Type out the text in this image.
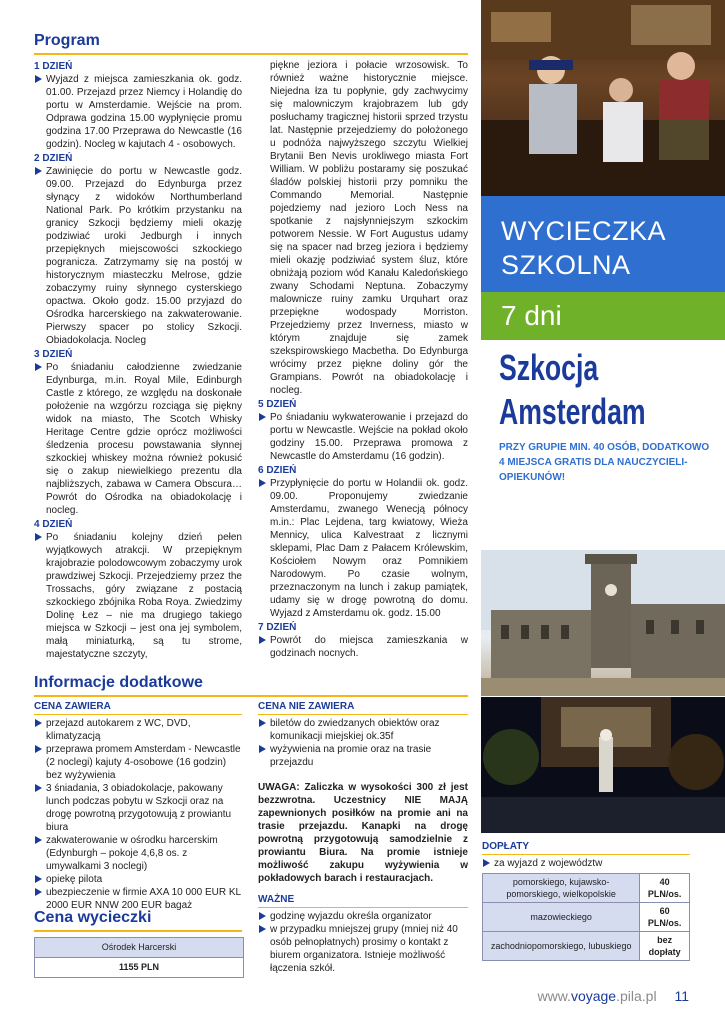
Program
1 DZIEŃ
Wyjazd z miejsca zamieszkania ok. godz. 01.00. Przejazd przez Niemcy i Holandię do portu w Amsterdamie. Wejście na prom. Odprawa godzina 15.00 wypłynięcie promu godzina 17.00 Przeprawa do Newcastle (16 godzin). Nocleg w kajutach 4 - osobowych.
2 DZIEŃ
Zawinięcie do portu w Newcastle godz. 09.00. Przejazd do Edynburga przez słynący z widoków Northumberland National Park. Po krótkim przystanku na granicy Szkocji będziemy mieli okazję podziwiać uroki Jedburgh i innych przepięknych miejscowości szkockiego pogranicza. Zatrzymamy się na postój w historycznym miasteczku Melrose, gdzie zobaczymy ruiny słynnego cysterskiego opactwa. Około godz. 15.00 przyjazd do Ośrodka harcerskiego na zakwaterowanie. Pierwszy spacer po stolicy Szkocji. Obiadokolacja. Nocleg
3 DZIEŃ
Po śniadaniu całodzienne zwiedzanie Edynburga, m.in. Royal Mile, Edinburgh Castle z którego, ze względu na doskonałe położenie na wzgórzu rozciąga się piękny widok na miasto, The Scotch Whisky Heritage Centre gdzie oprócz możliwości śledzenia procesu powstawania słynnej szkockiej whiskey można również pokusić się o zakup niewielkiego prezentu dla najbliższych, zabawa w Camera Obscura… Powrót do Ośrodka na obiadokolację i nocleg.
4 DZIEŃ
Po śniadaniu kolejny dzień pełen wyjątkowych atrakcji. W przepięknym krajobrazie polodowcowym zobaczymy urok prawdziwej Szkocji. Przejedziemy przez the Trossachs, góry związane z postacią szkockiego zbójnika Roba Roya. Zwiedzimy Dolinę Łez – nie ma drugiego takiego miejsca w Szkocji – jest ona jej symbolem, małą miniaturką, są tu strome, majestatyczne szczyty,
piękne jeziora i połacie wrzosowisk. To również ważne historycznie miejsce. Niejedna łza tu popłynie, gdy zachwycimy się malowniczym krajobrazem lub gdy posłuchamy tragicznej historii sprzed trzystu lat. Następnie przejedziemy do położonego u podnóża najwyższego szczytu Wielkiej Brytanii Ben Nevis urokliwego miasta Fort William. W pobliżu postaramy się poszukać śladów polskiej historii przy pomniku the Commando Memorial. Następnie pojedziemy nad jezioro Loch Ness na spotkanie z najsłynniejszym szkockim potworem Nessie. W Fort Augustus udamy się na spacer nad brzeg jeziora i będziemy mieli okazję podziwiać system śluz, które obniżają poziom wód Kanału Kaledońskiego zwany Schodami Neptuna. Zobaczymy malownicze ruiny zamku Urquhart oraz przepiękne wodospady Morriston. Przejedziemy przez Inverness, miasto w którym znajduje się zamek szekspirowskiego Macbetha. Do Edynburga wrócimy przez piękne doliny gór the Grampians. Powrót na obiadokolację i nocleg.
5 DZIEŃ
Po śniadaniu wykwaterowanie i przejazd do portu w Newcastle. Wejście na pokład około godziny 15.00. Przeprawa promowa z Newcastle do Amsterdamu (16 godzin).
6 DZIEŃ
Przypłynięcie do portu w Holandii ok. godz. 09.00. Proponujemy zwiedzanie Amsterdamu, zwanego Wenecją północy m.in.: Plac Lejdena, targ kwiatowy, Wieża Mennicy, ulica Kalvestraat z licznymi sklepami, Plac Dam z Pałacem Królewskim, Kościołem Nowym oraz Pomnikiem Narodowym. Po czasie wolnym, przeznaczonym na lunch i zakup pamiątek, udamy się w drogę powrotną do domu. Wyjazd z Amsterdamu ok. godz. 15.00
7 DZIEŃ
Powrót do miejsca zamieszkania w godzinach nocnych.
Informacje dodatkowe
CENA ZAWIERA
przejazd autokarem z WC, DVD, klimatyzacją
przeprawa promem Amsterdam - Newcastle (2 noclegi) kajuty 4-osobowe (16 godzin) bez wyżywienia
3 śniadania, 3 obiadokolacje, pakowany lunch podczas pobytu w Szkocji oraz na drogę powrotną przygotowują z prowiantu biura
zakwaterowanie w ośrodku harcerskim (Edynburgh – pokoje 4,6,8 os. z umywalkami 3 noclegi)
opiekę pilota
ubezpieczenie w firmie AXA 10 000 EUR KL 2000 EUR NNW 200 EUR bagaż
CENA NIE ZAWIERA
biletów do zwiedzanych obiektów oraz komunikacji miejskiej ok.35f
wyżywienia na promie oraz na trasie przejazdu
UWAGA: Zaliczka w wysokości 300 zł jest bezzwrotna. Uczestnicy NIE MAJĄ zapewnionych posiłków na promie ani na trasie przejazdu. Kanapki na drogę powrotną przygotowują samodzielnie z prowiantu Biura. Na promie istnieje możliwość zakupu wyżywienia w pokładowych barach i restauracjach.
WAŻNE
godzinę wyjazdu określa organizator
w przypadku mniejszej grupy (mniej niż 40 osób pełnopłatnych) prosimy o kontakt z biurem organizatora. Istnieje możliwość łączenia szkół.
Cena wycieczki
Ośrodek Harcerski
1155 PLN
WYCIECZKA
SZKOLNA
7 dni
Szkocja
Amsterdam
PRZY GRUPIE MIN. 40 OSÓB, DODATKOWO 4 MIEJSCA GRATIS DLA NAUCZYCIELI-OPIEKUNÓW!
DOPŁATY
za wyjazd z województw
pomorskiego, kujawsko-pomorskiego, wielkopolskie	40 PLN/os.
mazowieckiego	60 PLN/os.
zachodniopomorskiego, lubuskiego	bez dopłaty
www.voyage.pila.pl 11
